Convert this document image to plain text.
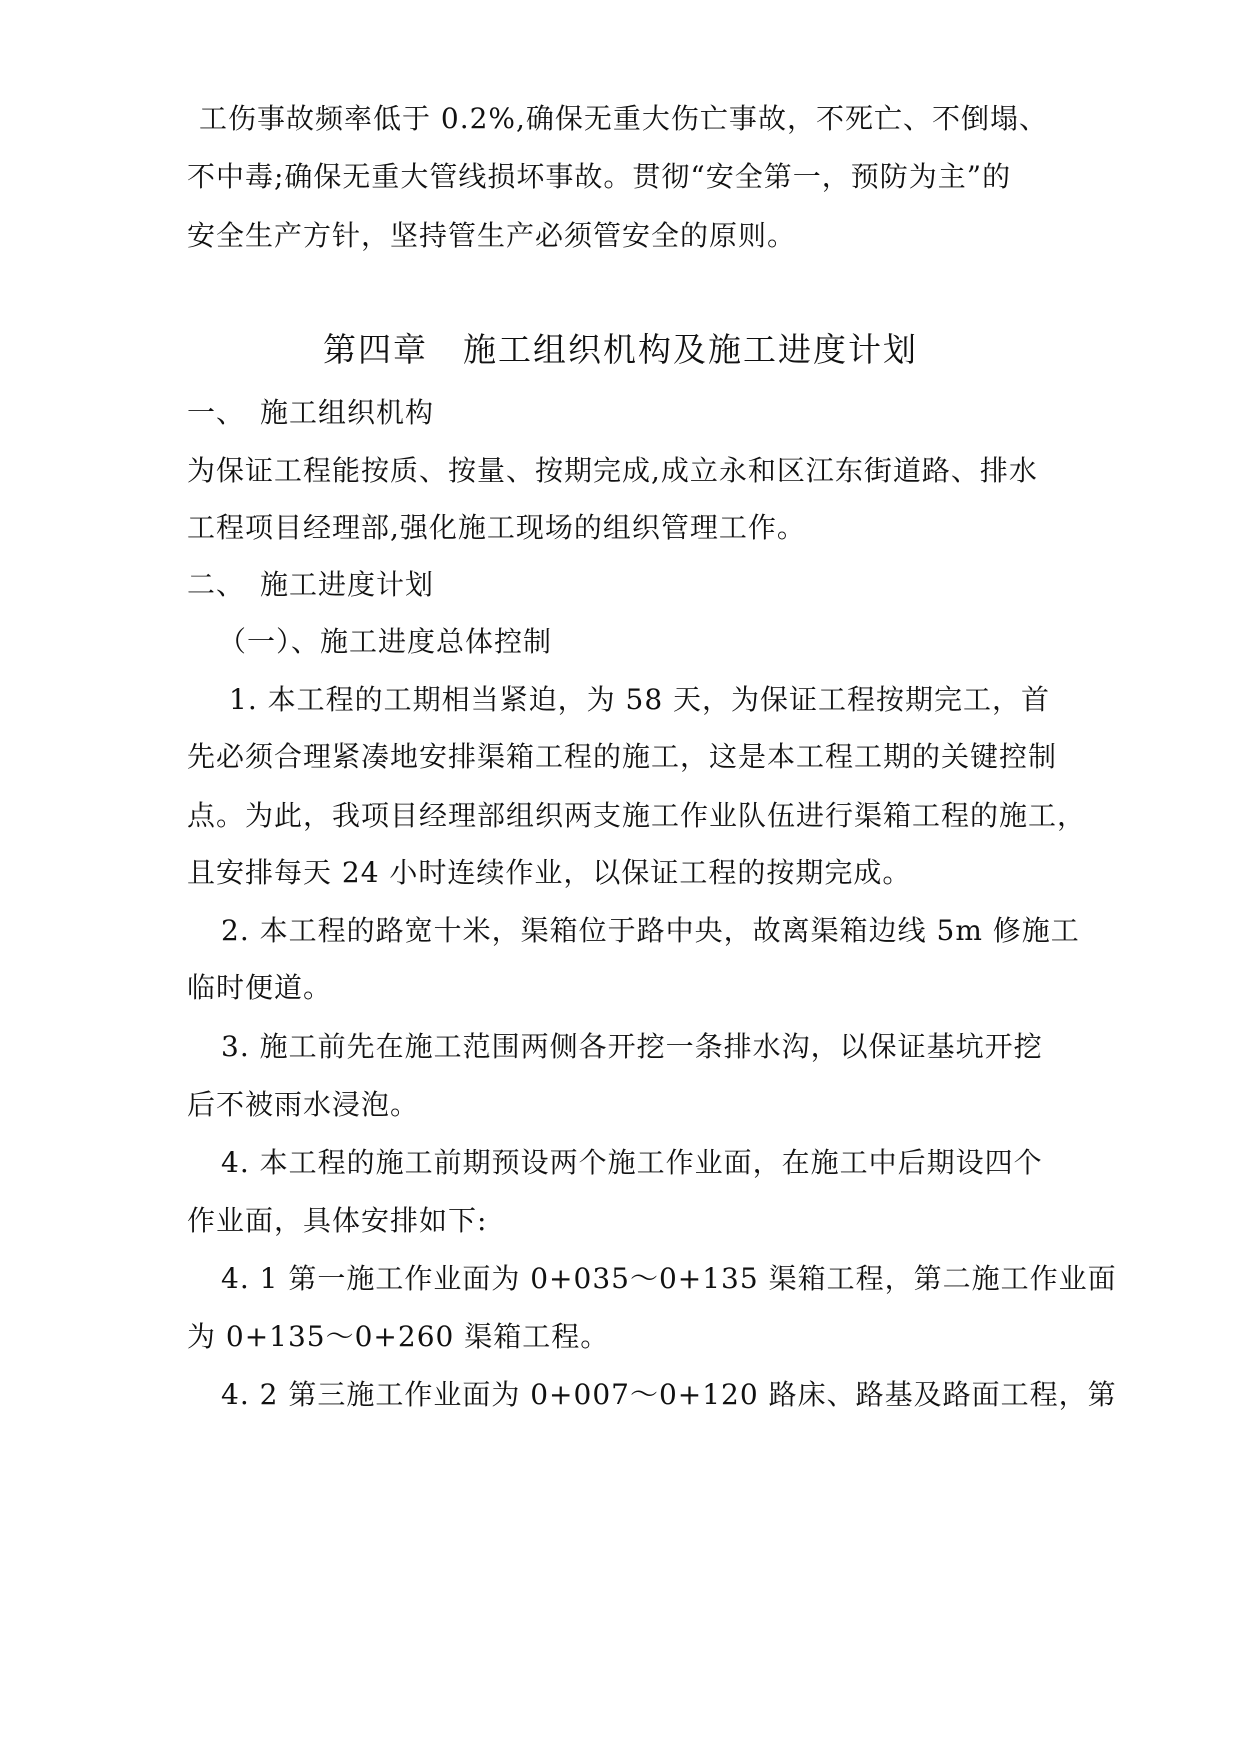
工伤事故频率低于 0.2%,确保无重大伤亡事故，不死亡、不倒塌、
不中毒;确保无重大管线损坏事故。贯彻“安全第一，预防为主”的
安全生产方针，坚持管生产必须管安全的原则。
第四章　施工组织机构及施工进度计划
一、　施工组织机构
为保证工程能按质、按量、按期完成,成立永和区江东街道路、排水
工程项目经理部,强化施工现场的组织管理工作。
二、　施工进度计划
（一）、施工进度总体控制
1. 本工程的工期相当紧迫，为 58 天，为保证工程按期完工，首
先必须合理紧凑地安排渠箱工程的施工，这是本工程工期的关键控制
点。为此，我项目经理部组织两支施工作业队伍进行渠箱工程的施工，
且安排每天 24 小时连续作业，以保证工程的按期完成。
2. 本工程的路宽十米，渠箱位于路中央，故离渠箱边线 5m 修施工
临时便道。
3. 施工前先在施工范围两侧各开挖一条排水沟，以保证基坑开挖
后不被雨水浸泡。
4. 本工程的施工前期预设两个施工作业面，在施工中后期设四个
作业面，具体安排如下:
4. 1 第一施工作业面为 0+035～0+135 渠箱工程，第二施工作业面
为 0+135～0+260 渠箱工程。
4. 2 第三施工作业面为 0+007～0+120 路床、路基及路面工程，第
